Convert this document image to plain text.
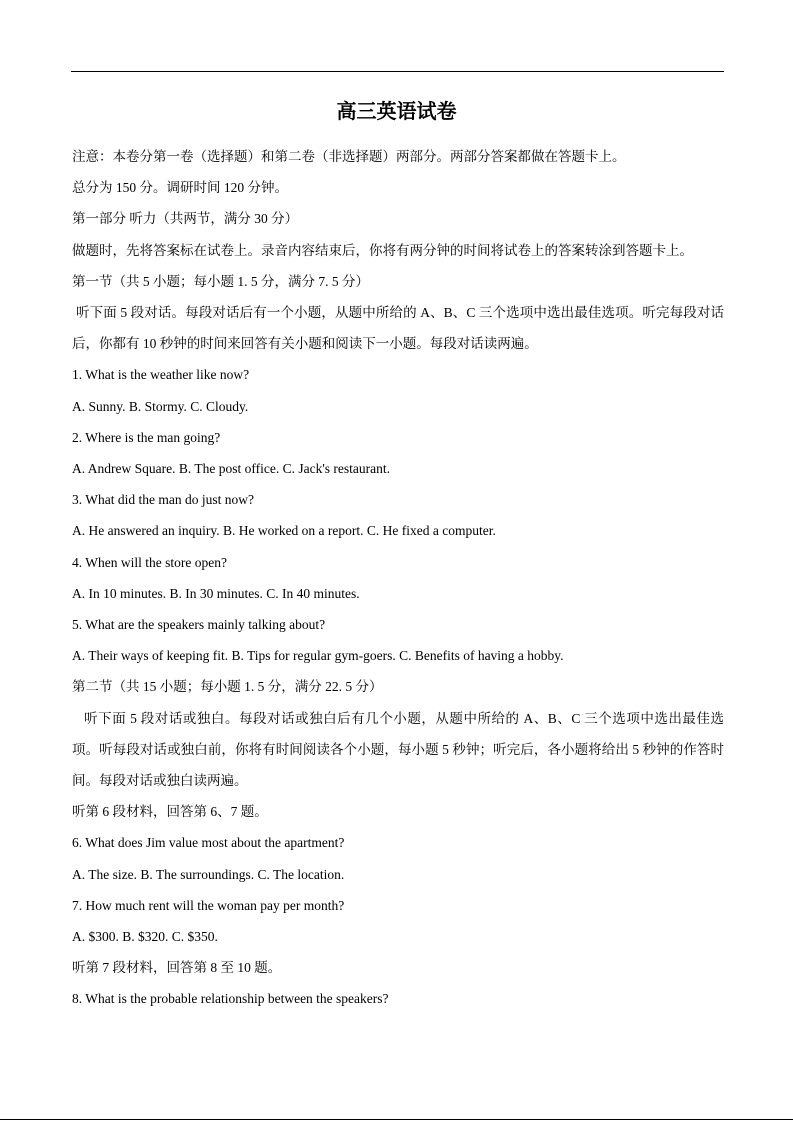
高三英语试卷

注意：本卷分第一卷（选择题）和第二卷（非选择题）两部分。两部分答案都做在答题卡上。

总分为 150 分。调研时间 120 分钟。

第一部分 听力（共两节，满分 30 分）

做题时，先将答案标在试卷上。录音内容结束后，你将有两分钟的时间将试卷上的答案转涂到答题卡上。

第一节（共 5 小题；每小题 1. 5 分，满分 7. 5 分）

听下面 5 段对话。每段对话后有一个小题，从题中所给的 A、B、C 三个选项中选出最佳选项。听完每段对话后，你都有 10 秒钟的时间来回答有关小题和阅读下一小题。每段对话读两遍。

1. What is the weather like now?

A. Sunny. B. Stormy. C. Cloudy.

2. Where is the man going?

A. Andrew Square. B. The post office. C. Jack's restaurant.

3. What did the man do just now?

A. He answered an inquiry. B. He worked on a report. C. He fixed a computer.

4. When will the store open?

A. In 10 minutes. B. In 30 minutes. C. In 40 minutes.

5. What are the speakers mainly talking about?

A. Their ways of keeping fit. B. Tips for regular gym-goers. C. Benefits of having a hobby.

第二节（共 15 小题；每小题 1. 5 分，满分 22. 5 分）

听下面 5 段对话或独白。每段对话或独白后有几个小题，从题中所给的 A、B、C 三个选项中选出最佳选项。听每段对话或独白前，你将有时间阅读各个小题，每小题 5 秒钟；听完后，各小题将给出 5 秒钟的作答时间。每段对话或独白读两遍。

听第 6 段材料，回答第 6、7 题。

6. What does Jim value most about the apartment?

A. The size. B. The surroundings. C. The location.

7. How much rent will the woman pay per month?

A. $300. B. $320. C. $350.

听第 7 段材料，回答第 8 至 10 题。

8. What is the probable relationship between the speakers?
